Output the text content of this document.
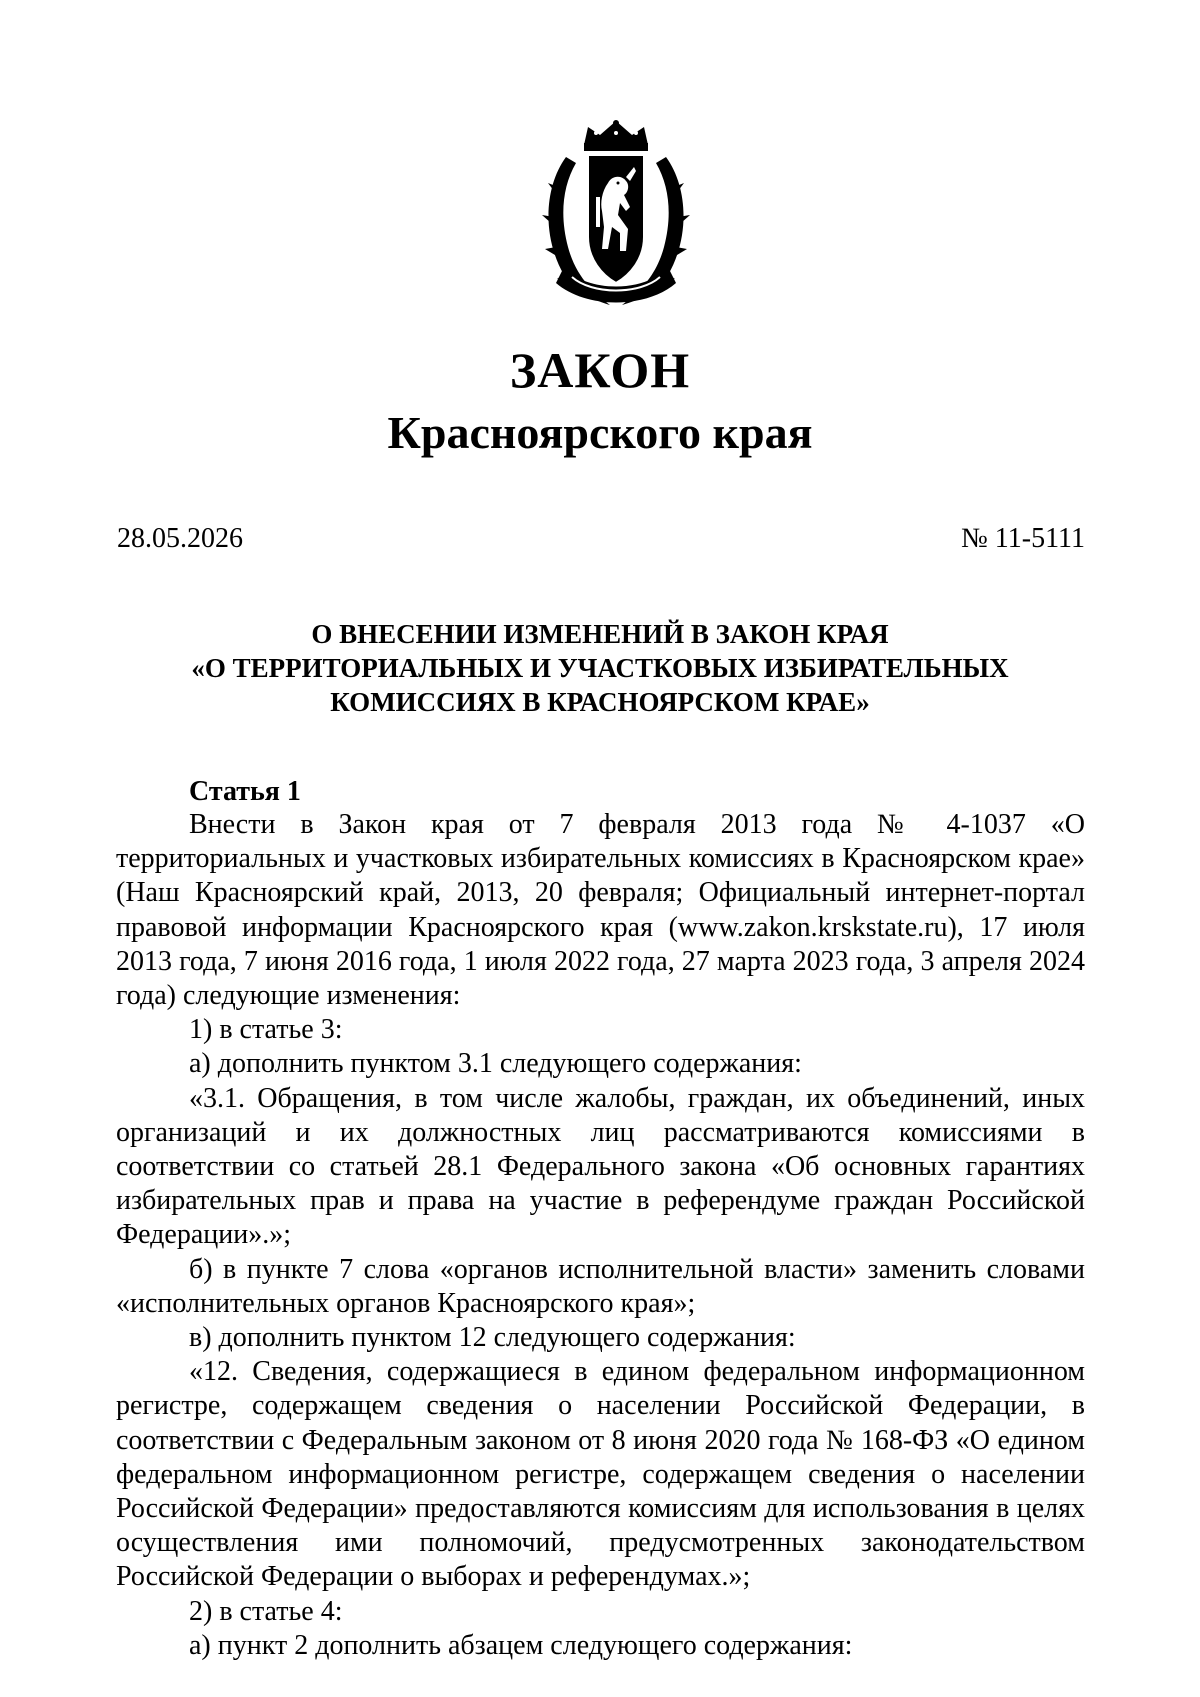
ЗАКОН
Красноярского края
28.05.2026	№ 11-5111
О ВНЕСЕНИИ ИЗМЕНЕНИЙ В ЗАКОН КРАЯ
«О ТЕРРИТОРИАЛЬНЫХ И УЧАСТКОВЫХ ИЗБИРАТЕЛЬНЫХ
КОМИССИЯХ В КРАСНОЯРСКОМ КРАЕ»
Статья 1

Внести в Закон края от 7 февраля 2013 года № 4-1037 «О территориальных и участковых избирательных комиссиях в Красноярском крае» (Наш Красноярский край, 2013, 20 февраля; Официальный интернет-портал правовой информации Красноярского края (www.zakon.krskstate.ru), 17 июля 2013 года, 7 июня 2016 года, 1 июля 2022 года, 27 марта 2023 года, 3 апреля 2024 года) следующие изменения:

1) в статье 3:

а) дополнить пунктом 3.1 следующего содержания:

«3.1. Обращения, в том числе жалобы, граждан, их объединений, иных организаций и их должностных лиц рассматриваются комиссиями в соответствии со статьей 28.1 Федерального закона «Об основных гарантиях избирательных прав и права на участие в референдуме граждан Российской Федерации».»;

б) в пункте 7 слова «органов исполнительной власти» заменить словами «исполнительных органов Красноярского края»;

в) дополнить пунктом 12 следующего содержания:

«12. Сведения, содержащиеся в едином федеральном информационном регистре, содержащем сведения о населении Российской Федерации, в соответствии с Федеральным законом от 8 июня 2020 года № 168-ФЗ «О едином федеральном информационном регистре, содержащем сведения о населении Российской Федерации» предоставляются комиссиям для использования в целях осуществления ими полномочий, предусмотренных законодательством Российской Федерации о выборах и референдумах.»;

2) в статье 4:

а) пункт 2 дополнить абзацем следующего содержания:
